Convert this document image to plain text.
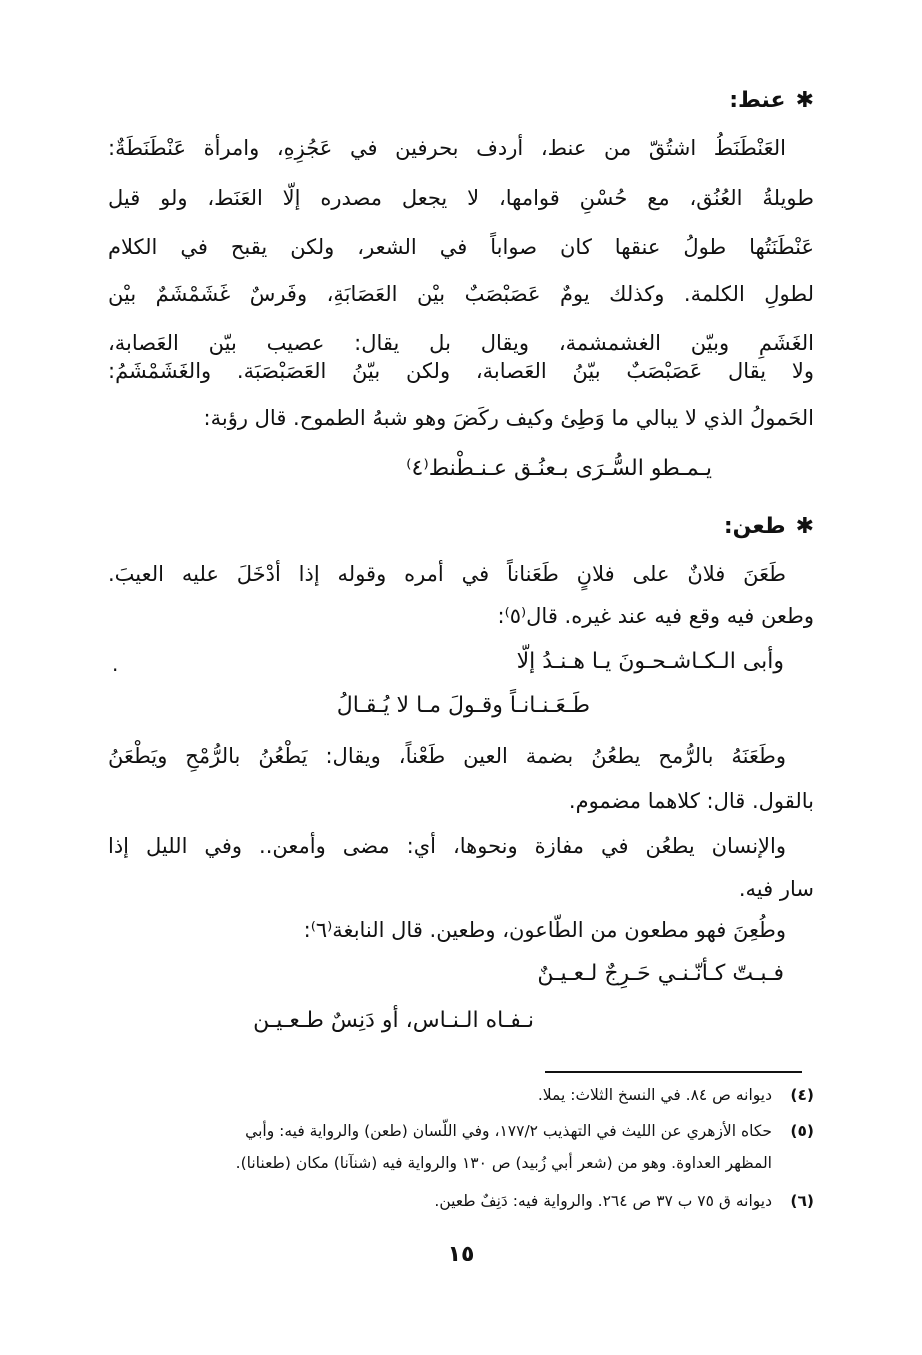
✱
عنط:
العَنْطَنَطُ اشتُقّ من عنط، أردف بحرفين في عَجُزِهِ، وامرأة عَنْطَنَطَةٌ:
طويلةُ العُنُق، مع حُسْنِ قوامها، لا يجعل مصدره إلّا العَنَط، ولو قيل
عَنْطَنَتُها طولُ عنقها كان صواباً في الشعر، ولكن يقبح في الكلام
لطولِ الكلمة. وكذلك يومٌ عَصَبْصَبٌ بيْن العَصَابَةِ، وفَرسٌ غَشَمْشَمٌ بيْن
الغَشَمِ وبيّن الغشمشمة، ويقال بل يقال: عصيب بيّن العَصابة،
ولا يقال عَصَبْصَبٌ بيّنُ العَصابة، ولكن بيّنُ العَصَبْصَبَة. والغَشَمْشَمُ:
الحَمولُ الذي لا يبالي ما وَطِئ وكيف ركَضَ وهو شبهُ الطموح. قال رؤبة:
يـمـطو السُّـرَى بـعنُـق عـنـطْنط⁽٤⁾
✱
طعن:
طَعَنَ فلانٌ على فلانٍ طَعَناناً في أمره وقوله إذا أدْخَلَ عليه العيبَ.
وطعن فيه وقع فيه عند غيره. قال⁽٥⁾:
وأبى الـكـاشـحـونَ يـا هـنـدُ إلّا
.
طَـعَـنـانـاً وقـولَ مـا لا يُـقـالُ
وطَعَنَهُ بالرُّمح يطعُنُ بضمة العين طَعْناً، ويقال: يَطْعُنُ بالرُّمْحِ ويَطْعَنُ
بالقول. قال: كلاهما مضموم.
والإنسان يطعُن في مفازة ونحوها، أي: مضى وأمعن.. وفي الليل إذا
سار فيه.
وطُعِنَ فهو مطعون من الطّاعون، وطعين. قال النابغة⁽٦⁾:
فـبـتّ كـأنّـنـي حَـرِجٌ لـعـيـنٌ
نـفـاه الـنـاس، أو دَنِسٌ طـعـيـن
(٤)ديوانه ص ٨٤. في النسخ الثلاث: يملا.
(٥)حكاه الأزهري عن الليث في التهذيب ١٧٧/٢، وفي اللّسان (طعن) والرواية فيه: وأبي
المظهر العداوة. وهو من (شعر أبي زُبيد) ص ١٣٠ والرواية فيه (شنآنا) مكان (طعنانا).
(٦)ديوانه ق ٧٥ ب ٣٧ ص ٢٦٤. والرواية فيه: دَنِفٌ طعين.
١٥
